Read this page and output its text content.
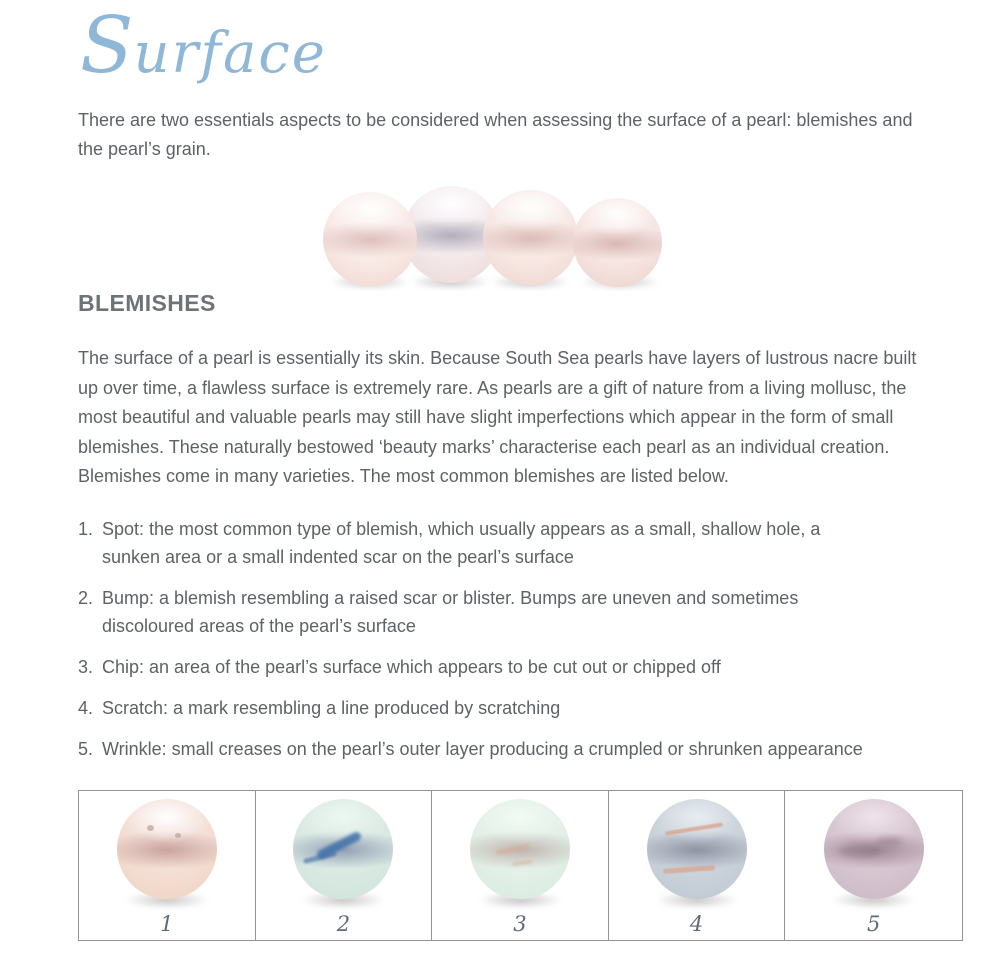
Surface

There are two essentials aspects to be considered when assessing the surface of a pearl: blemishes and the pearl’s grain.

BLEMISHES

The surface of a pearl is essentially its skin. Because South Sea pearls have layers of lustrous nacre built up over time, a flawless surface is extremely rare. As pearls are a gift of nature from a living mollusc, the most beautiful and valuable pearls may still have slight imperfections which appear in the form of small blemishes. These naturally bestowed ‘beauty marks’ characterise each pearl as an individual creation. Blemishes come in many varieties. The most common blemishes are listed below.

1. Spot: the most common type of blemish, which usually appears as a small, shallow hole, a sunken area or a small indented scar on the pearl’s surface
2. Bump: a blemish resembling a raised scar or blister. Bumps are uneven and sometimes discoloured areas of the pearl’s surface
3. Chip: an area of the pearl’s surface which appears to be cut out or chipped off
4. Scratch: a mark resembling a line produced by scratching
5. Wrinkle: small creases on the pearl’s outer layer producing a crumpled or shrunken appearance
1	2	3	4	5
